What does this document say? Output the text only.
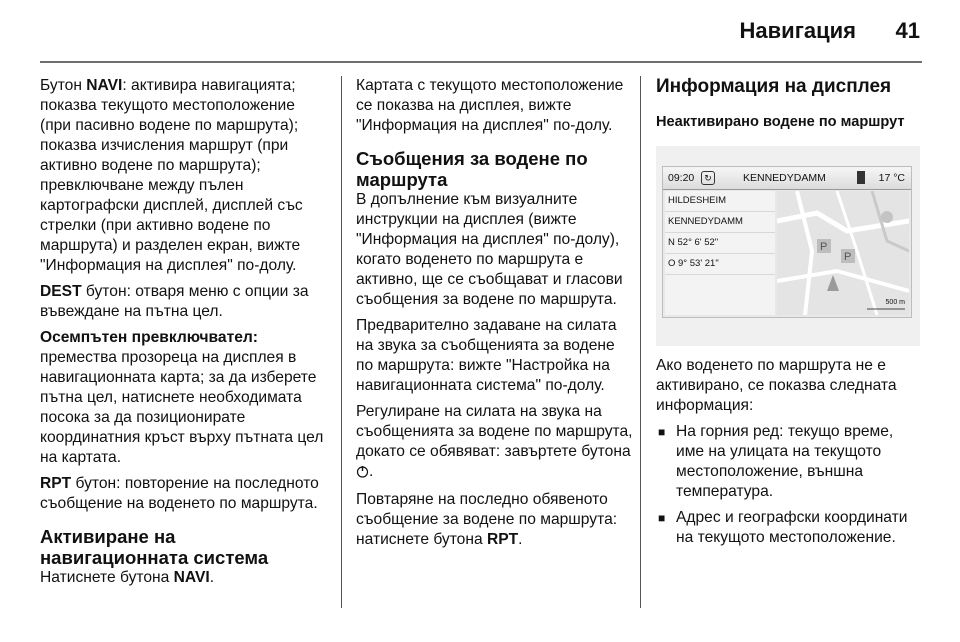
Навигация 41

Бутон NAVI: активира навигацията; показва текущото местоположение (при пасивно водене по маршрута); показва изчисления маршрут (при активно водене по маршрута); превключване между пълен картографски дисплей, дисплей със стрелки (при активно водене по маршрута) и разделен екран, вижте "Информация на дисплея" по-долу.

DEST бутон: отваря меню с опции за въвеждане на пътна цел.

Осемпътен превключвател:
премества прозореца на дисплея в навигационната карта; за да изберете пътна цел, натиснете необходимата посока за да позиционирате координатния кръст върху пътната цел на картата.

RPT бутон: повторение на последното съобщение на воденето по маршрута.

Активиране на навигационната система

Натиснете бутона NAVI.

Картата с текущото местоположение се показва на дисплея, вижте "Информация на дисплея" по-долу.

Съобщения за водене по маршрута

В допълнение към визуалните инструкции на дисплея (вижте "Информация на дисплея" по-долу), когато воденето по маршрута е активно, ще се съобщават и гласови съобщения за водене по маршрута.

Предварително задаване на силата на звука за съобщенията за водене по маршрута: вижте "Настройка на навигационната система" по-долу.

Регулиране на силата на звука на съобщенията за водене по маршрута, докато се обявяват: завъртете бутона .

Повтаряне на последно обявеното съобщение за водене по маршрута: натиснете бутона RPT.

Информация на дисплея
Неактивирано водене по маршрут
09:20	↻	KENNEDYDAMM	17 °C
HILDESHEIM
KENNEDYDAMM
N 52° 6' 52"
O 9° 53' 21"
P
P
500 m

Ако воденето по маршрута не е активирано, се показва следната информация:

■ На горния ред: текущо време, име на улицата на текущото местоположение, външна температура.
■ Адрес и географски координати на текущото местоположение.
